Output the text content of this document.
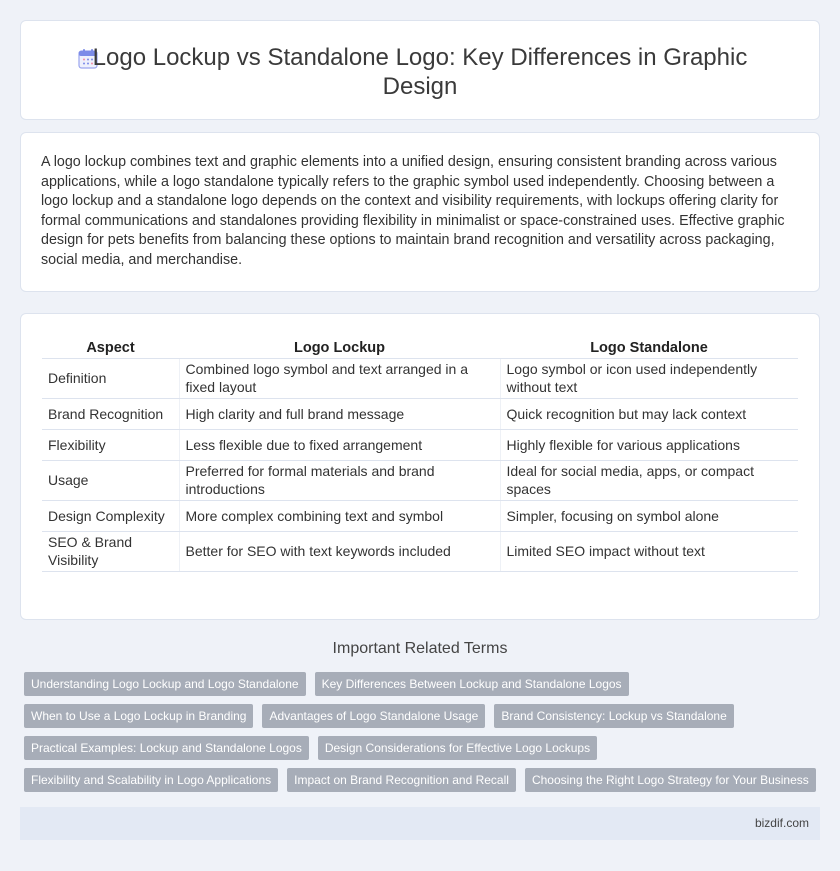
Logo Lockup vs Standalone Logo: Key Differences in Graphic Design

A logo lockup combines text and graphic elements into a unified design, ensuring consistent branding across various applications, while a logo standalone typically refers to the graphic symbol used independently. Choosing between a logo lockup and a standalone logo depends on the context and visibility requirements, with lockups offering clarity for formal communications and standalones providing flexibility in minimalist or space-constrained uses. Effective graphic design for pets benefits from balancing these options to maintain brand recognition and versatility across packaging, social media, and merchandise.

Aspect	Logo Lockup	Logo Standalone
Definition	Combined logo symbol and text arranged in a fixed layout	Logo symbol or icon used independently without text
Brand Recognition	High clarity and full brand message	Quick recognition but may lack context
Flexibility	Less flexible due to fixed arrangement	Highly flexible for various applications
Usage	Preferred for formal materials and brand introductions	Ideal for social media, apps, or compact spaces
Design Complexity	More complex combining text and symbol	Simpler, focusing on symbol alone
SEO & Brand Visibility	Better for SEO with text keywords included	Limited SEO impact without text
Important Related Terms
Understanding Logo Lockup and Logo Standalone	Key Differences Between Lockup and Standalone Logos
When to Use a Logo Lockup in Branding	Advantages of Logo Standalone Usage	Brand Consistency: Lockup vs Standalone
Practical Examples: Lockup and Standalone Logos	Design Considerations for Effective Logo Lockups
Flexibility and Scalability in Logo Applications	Impact on Brand Recognition and Recall	Choosing the Right Logo Strategy for Your Business
bizdif.com
